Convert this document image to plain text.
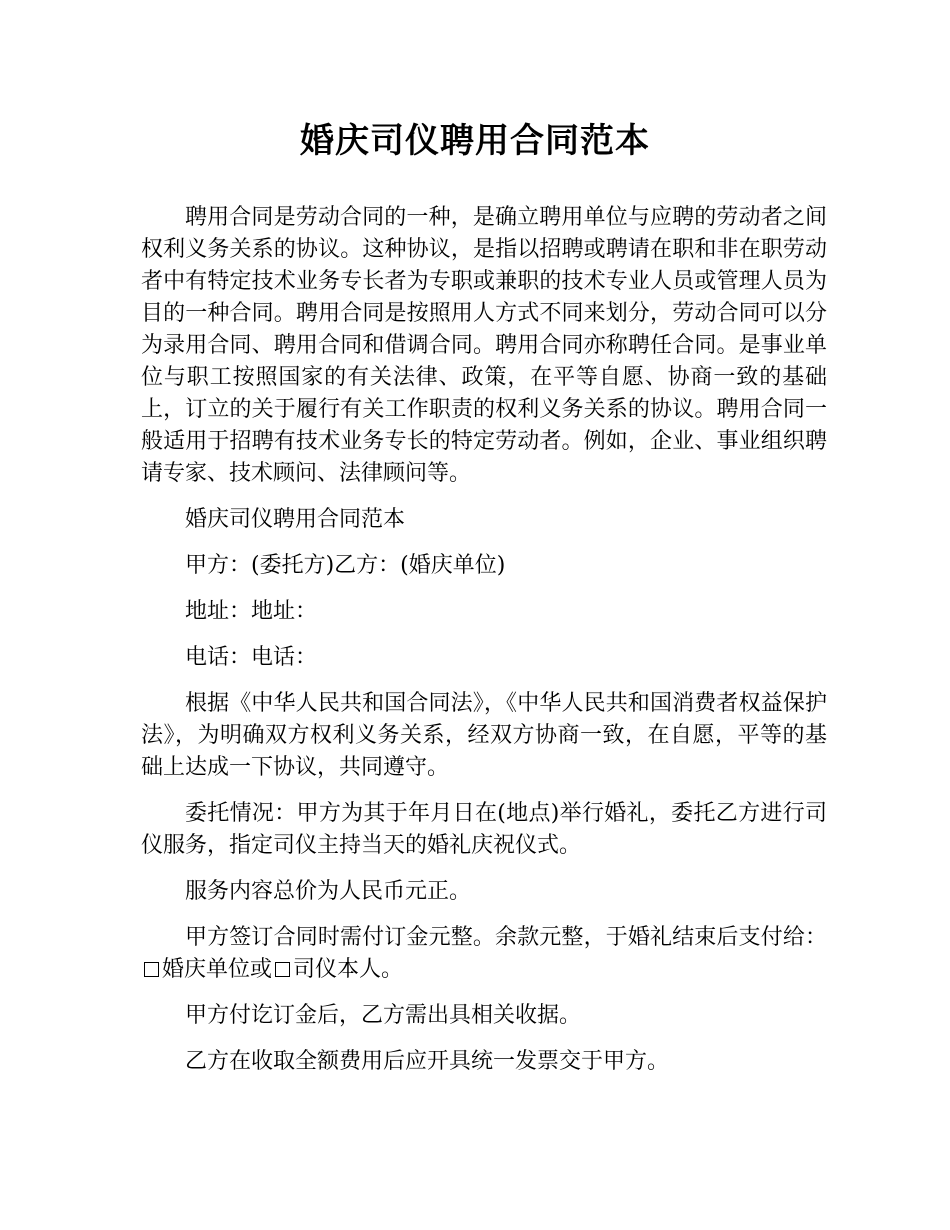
婚庆司仪聘用合同范本

聘用合同是劳动合同的一种，是确立聘用单位与应聘的劳动者之间权利义务关系的协议。这种协议，是指以招聘或聘请在职和非在职劳动者中有特定技术业务专长者为专职或兼职的技术专业人员或管理人员为目的一种合同。聘用合同是按照用人方式不同来划分，劳动合同可以分为录用合同、聘用合同和借调合同。聘用合同亦称聘任合同。是事业单位与职工按照国家的有关法律、政策，在平等自愿、协商一致的基础上，订立的关于履行有关工作职责的权利义务关系的协议。聘用合同一般适用于招聘有技术业务专长的特定劳动者。例如，企业、事业组织聘请专家、技术顾问、法律顾问等。

婚庆司仪聘用合同范本

甲方：(委托方)乙方：(婚庆单位)

地址：地址：

电话：电话：

根据《中华人民共和国合同法》，《中华人民共和国消费者权益保护法》，为明确双方权利义务关系，经双方协商一致，在自愿，平等的基础上达成一下协议，共同遵守。

委托情况：甲方为其于年月日在(地点)举行婚礼，委托乙方进行司仪服务，指定司仪主持当天的婚礼庆祝仪式。

服务内容总价为人民币元正。

甲方签订合同时需付订金元整。余款元整，于婚礼结束后支付给：婚庆单位或 司仪本人。

甲方付讫订金后，乙方需出具相关收据。

乙方在收取全额费用后应开具统一发票交于甲方。
